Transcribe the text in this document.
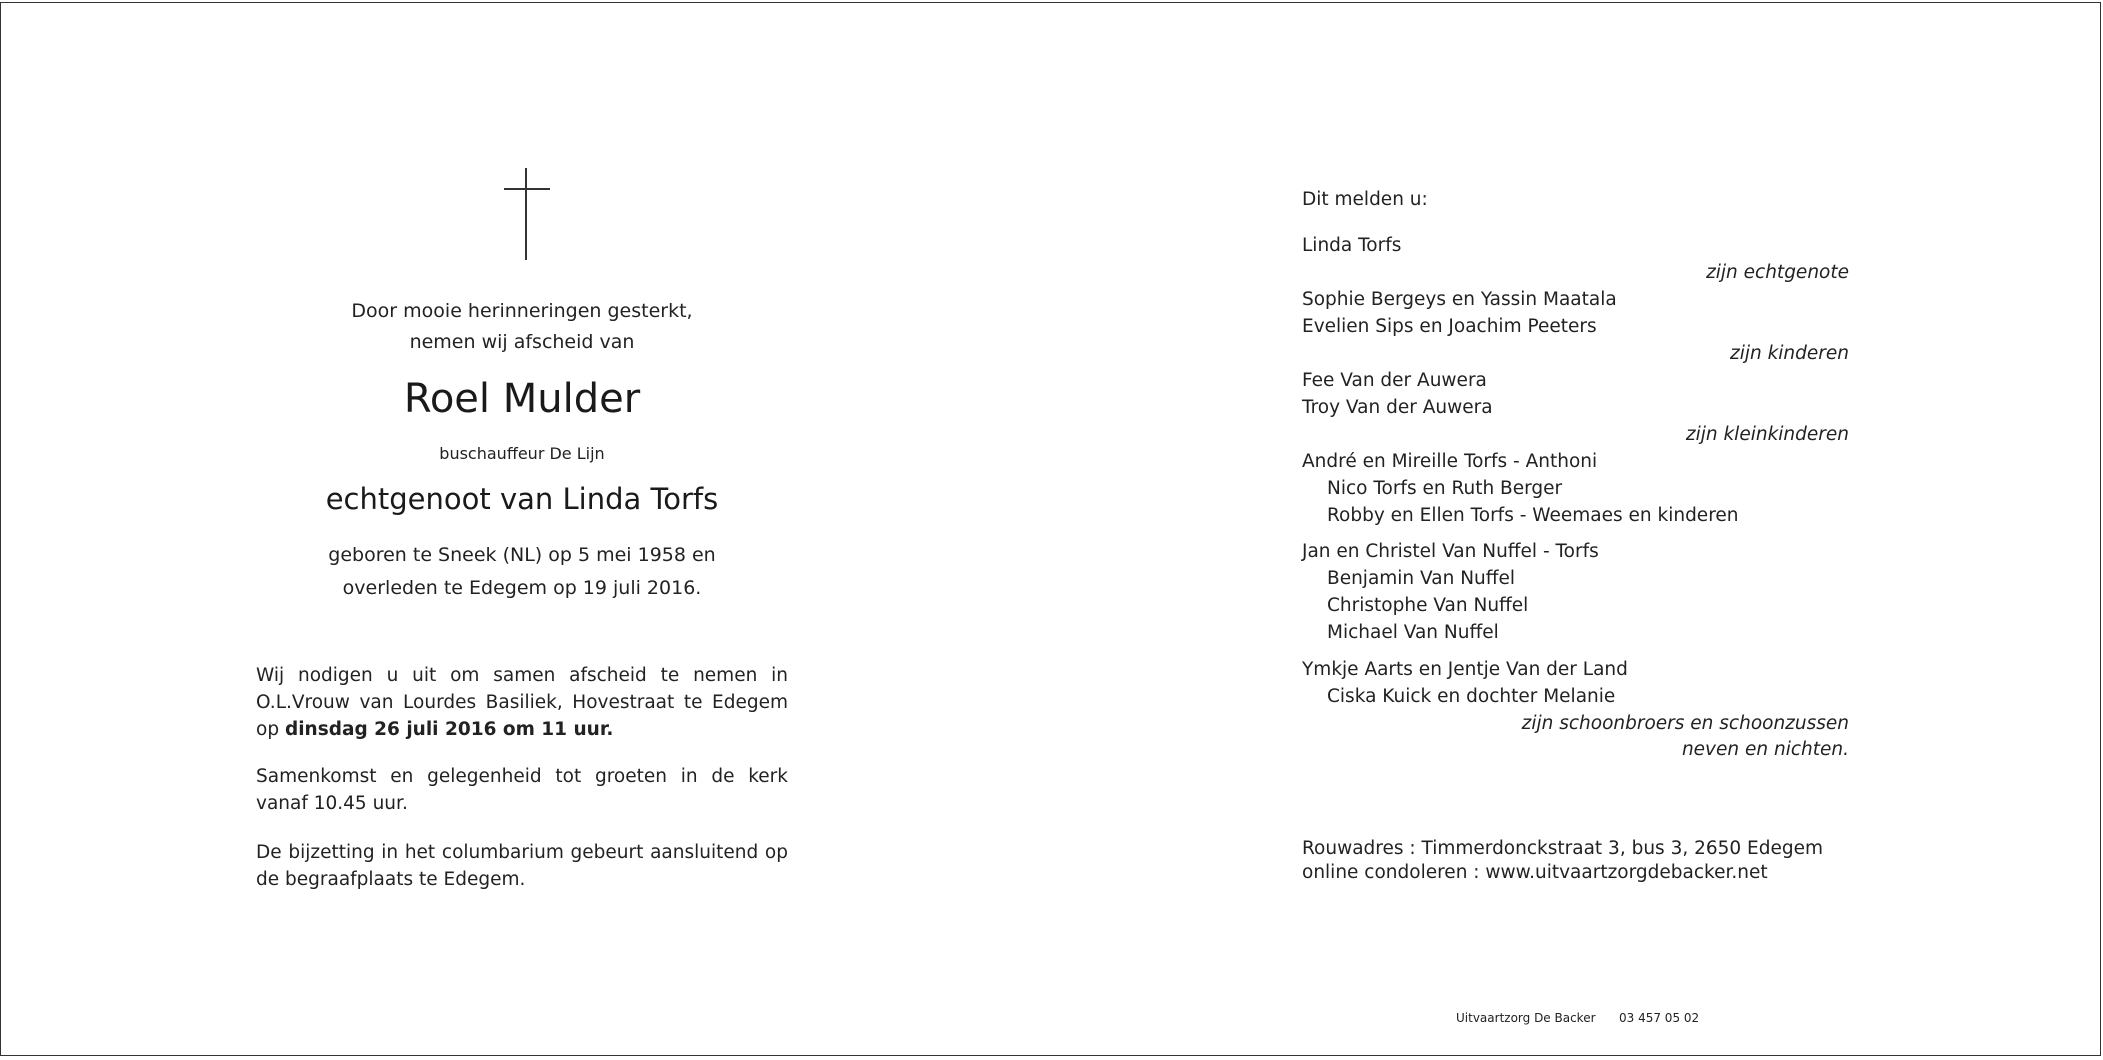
Door mooie herinneringen gesterkt,
nemen wij afscheid van
Roel Mulder
buschauffeur De Lijn
echtgenoot van Linda Torfs
geboren te Sneek (NL) op 5 mei 1958 en
overleden te Edegem op 19 juli 2016.
Wij nodigen u uit om samen afscheid te nemen in O.L.Vrouw van Lourdes Basiliek, Hovestraat te Edegem op dinsdag 26 juli 2016 om 11 uur.
Samenkomst en gelegenheid tot groeten in de kerk vanaf 10.45 uur.
De bijzetting in het columbarium gebeurt aansluitend op de begraafplaats te Edegem.
Dit melden u:
Linda Torfs
zijn echtgenote
Sophie Bergeys en Yassin Maatala
Evelien Sips en Joachim Peeters
zijn kinderen
Fee Van der Auwera
Troy Van der Auwera
zijn kleinkinderen
André en Mireille Torfs - Anthoni
Nico Torfs en Ruth Berger
Robby en Ellen Torfs - Weemaes en kinderen
Jan en Christel Van Nuffel - Torfs
Benjamin Van Nuffel
Christophe Van Nuffel
Michael Van Nuffel
Ymkje Aarts en Jentje Van der Land
Ciska Kuick en dochter Melanie
zijn schoonbroers en schoonzussen
neven en nichten.
Rouwadres : Timmerdonckstraat 3, bus 3, 2650 Edegem
online condoleren : www.uitvaartzorgdebacker.net
Uitvaartzorg De Backer 03 457 05 02
